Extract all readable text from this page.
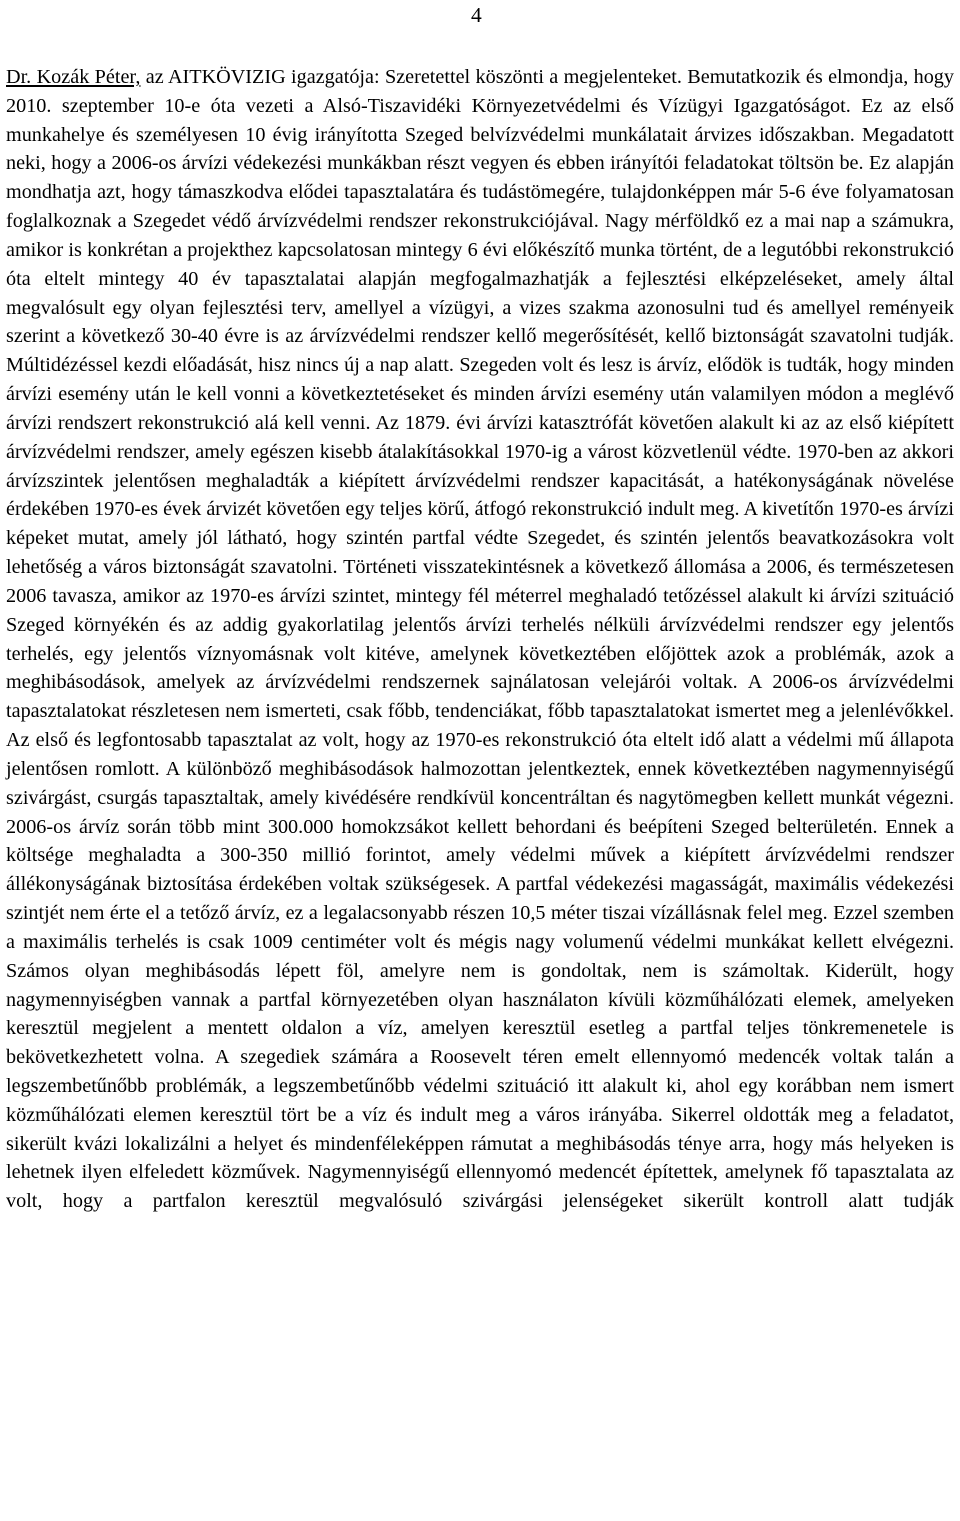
4

Dr. Kozák Péter, az AITKÖVIZIG igazgatója: Szeretettel köszönti a megjelenteket. Bemutatkozik és elmondja, hogy 2010. szeptember 10-e óta vezeti a Alsó-Tiszavidéki Környezetvédelmi és Vízügyi Igazgatóságot. Ez az első munkahelye és személyesen 10 évig irányította Szeged belvízvédelmi munkálatait árvizes időszakban. Megadatott neki, hogy a 2006-os árvízi védekezési munkákban részt vegyen és ebben irányítói feladatokat töltsön be. Ez alapján mondhatja azt, hogy támaszkodva elődei tapasztalatára és tudástömegére, tulajdonképpen már 5-6 éve folyamatosan foglalkoznak a Szegedet védő árvízvédelmi rendszer rekonstrukciójával. Nagy mérföldkő ez a mai nap a számukra, amikor is konkrétan a projekthez kapcsolatosan mintegy 6 évi előkészítő munka történt, de a legutóbbi rekonstrukció óta eltelt mintegy 40 év tapasztalatai alapján megfogalmazhatják a fejlesztési elképzeléseket, amely által megvalósult egy olyan fejlesztési terv, amellyel a vízügyi, a vizes szakma azonosulni tud és amellyel reményeik szerint a következő 30-40 évre is az árvízvédelmi rendszer kellő megerősítését, kellő biztonságát szavatolni tudják. Múltidézéssel kezdi előadását, hisz nincs új a nap alatt. Szegeden volt és lesz is árvíz, elődök is tudták, hogy minden árvízi esemény után le kell vonni a következtetéseket és minden árvízi esemény után valamilyen módon a meglévő árvízi rendszert rekonstrukció alá kell venni. Az 1879. évi árvízi katasztrófát követően alakult ki az az első kiépített árvízvédelmi rendszer, amely egészen kisebb átalakításokkal 1970-ig a várost közvetlenül védte. 1970-ben az akkori árvízszintek jelentősen meghaladták a kiépített árvízvédelmi rendszer kapacitását, a hatékonyságának növelése érdekében 1970-es évek árvizét követően egy teljes körű, átfogó rekonstrukció indult meg. A kivetítőn 1970-es árvízi képeket mutat, amely jól látható, hogy szintén partfal védte Szegedet, és szintén jelentős beavatkozásokra volt lehetőség a város biztonságát szavatolni. Történeti visszatekintésnek a következő állomása a 2006, és természetesen 2006 tavasza, amikor az 1970-es árvízi szintet, mintegy fél méterrel meghaladó tetőzéssel alakult ki árvízi szituáció Szeged környékén és az addig gyakorlatilag jelentős árvízi terhelés nélküli árvízvédelmi rendszer egy jelentős terhelés, egy jelentős víznyomásnak volt kitéve, amelynek következtében előjöttek azok a problémák, azok a meghibásodások, amelyek az árvízvédelmi rendszernek sajnálatosan velejárói voltak. A 2006-os árvízvédelmi tapasztalatokat részletesen nem ismerteti, csak főbb, tendenciákat, főbb tapasztalatokat ismertet meg a jelenlévőkkel. Az első és legfontosabb tapasztalat az volt, hogy az 1970-es rekonstrukció óta eltelt idő alatt a védelmi mű állapota jelentősen romlott. A különböző meghibásodások halmozottan jelentkeztek, ennek következtében nagymennyiségű szivárgást, csurgás tapasztaltak, amely kivédésére rendkívül koncentráltan és nagytömegben kellett munkát végezni. 2006-os árvíz során több mint 300.000 homokzsákot kellett behordani és beépíteni Szeged belterületén. Ennek a költsége meghaladta a 300-350 millió forintot, amely védelmi művek a kiépített árvízvédelmi rendszer állékonyságának biztosítása érdekében voltak szükségesek. A partfal védekezési magasságát, maximális védekezési szintjét nem érte el a tetőző árvíz, ez a legalacsonyabb részen 10,5 méter tiszai vízállásnak felel meg. Ezzel szemben a maximális terhelés is csak 1009 centiméter volt és mégis nagy volumenű védelmi munkákat kellett elvégezni. Számos olyan meghibásodás lépett föl, amelyre nem is gondoltak, nem is számoltak. Kiderült, hogy nagymennyiségben vannak a partfal környezetében olyan használaton kívüli közműhálózati elemek, amelyeken keresztül megjelent a mentett oldalon a víz, amelyen keresztül esetleg a partfal teljes tönkremenetele is bekövetkezhetett volna. A szegediek számára a Roosevelt téren emelt ellennyomó medencék voltak talán a legszembetűnőbb problémák, a legszembetűnőbb védelmi szituáció itt alakult ki, ahol egy korábban nem ismert közműhálózati elemen keresztül tört be a víz és indult meg a város irányába. Sikerrel oldották meg a feladatot, sikerült kvázi lokalizálni a helyet és mindenféleképpen rámutat a meghibásodás ténye arra, hogy más helyeken is lehetnek ilyen elfeledett közművek. Nagymennyiségű ellennyomó medencét építettek, amelynek fő tapasztalata az volt, hogy a partfalon keresztül megvalósuló szivárgási jelenségeket sikerült kontroll alatt tudják
